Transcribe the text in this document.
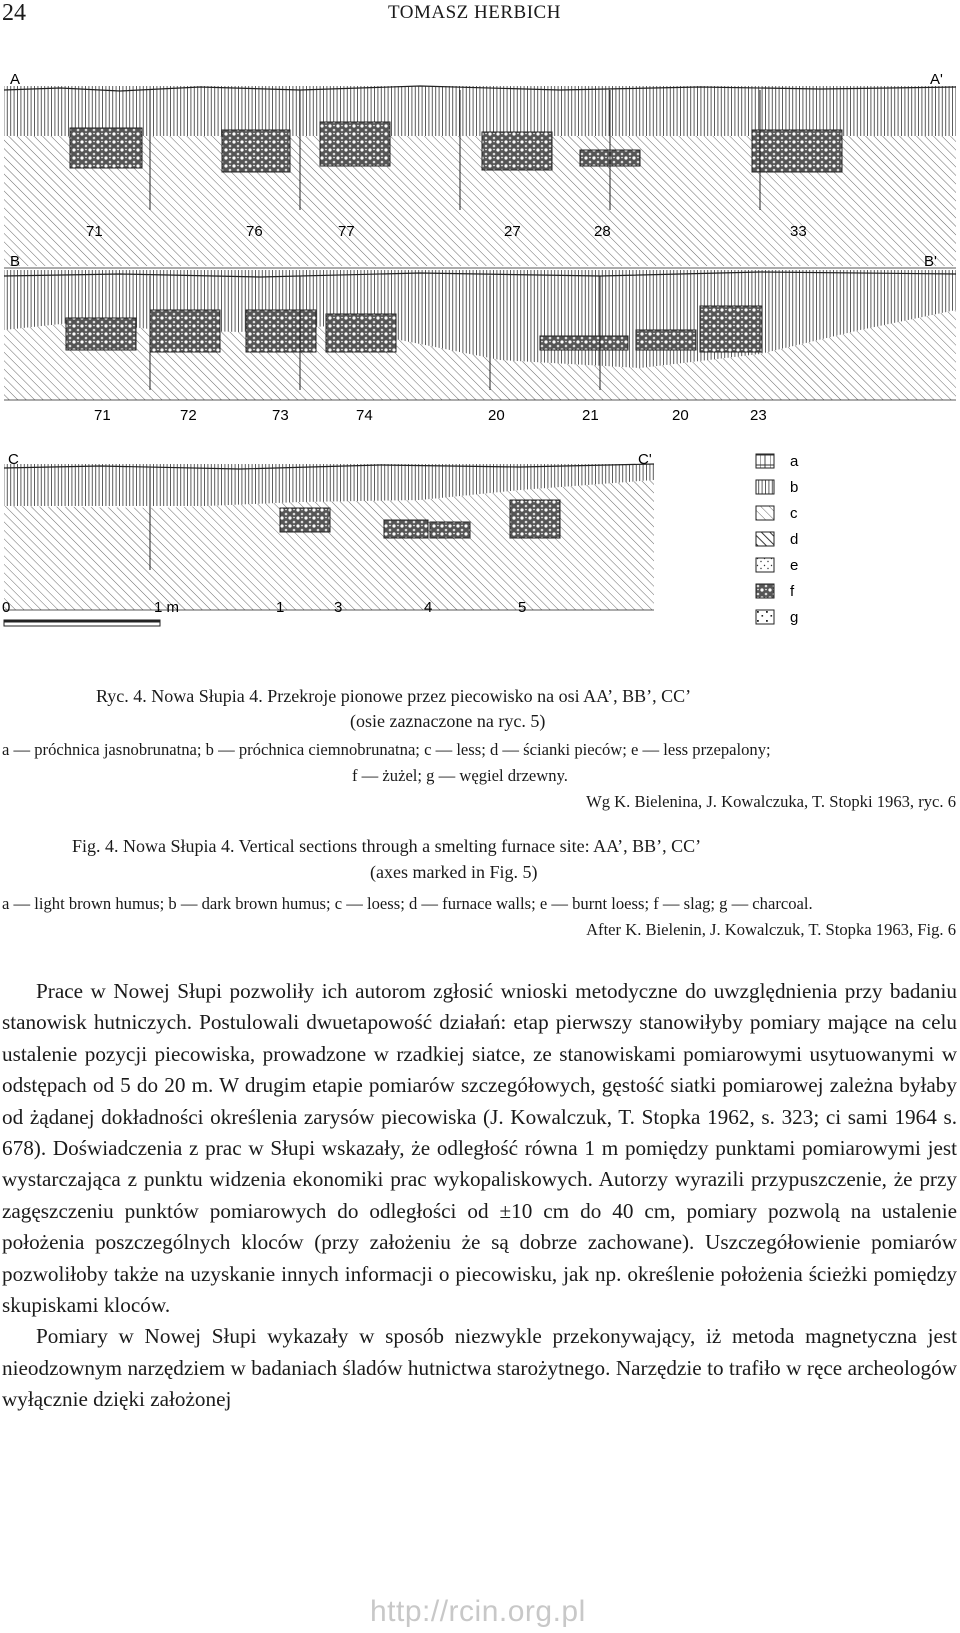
24	TOMASZ HERBICH
A	A'
71	76	77	27	28	33
B	B'
71	72	73	74	20	21	20	23
C	C'
1	3	4	5
0	1 m
a
b
c
d
e
f
g
Ryc. 4. Nowa Słupia 4. Przekroje pionowe przez piecowisko na osi AA’, BB’, CC’
(osie zaznaczone na ryc. 5)
a — próchnica jasnobrunatna; b — próchnica ciemnobrunatna; c — less; d — ścianki pieców; e — less przepalony;
f — żużel; g — węgiel drzewny.
Wg K. Bielenina, J. Kowalczuka, T. Stopki 1963, ryc. 6
Fig. 4. Nowa Słupia 4. Vertical sections through a smelting furnace site: AA’, BB’, CC’
(axes marked in Fig. 5)
a — light brown humus; b — dark brown humus; c — loess; d — furnace walls; e — burnt loess; f — slag; g — charcoal.
After K. Bielenin, J. Kowalczuk, T. Stopka 1963, Fig. 6

Prace w Nowej Słupi pozwoliły ich autorom zgłosić wnioski metodyczne do uwzględnienia przy badaniu stanowisk hutniczych. Postulowali dwuetapowość działań: etap pierwszy stanowiłyby pomiary mające na celu ustalenie pozycji piecowiska, prowadzone w rzadkiej siatce, ze stanowiskami pomiarowymi usytuowanymi w odstępach od 5 do 20 m. W drugim etapie pomiarów szczegółowych, gęstość siatki pomiarowej zależna byłaby od żądanej dokładności określenia zarysów piecowiska (J. Kowalczuk, T. Stopka 1962, s. 323; ci sami 1964 s. 678). Doświadczenia z prac w Słupi wskazały, że odległość równa 1 m pomiędzy punktami pomiarowymi jest wystarczająca z punktu widzenia ekonomiki prac wykopaliskowych. Autorzy wyrazili przypuszczenie, że przy zagęszczeniu punktów pomiarowych do odległości od ±10 cm do 40 cm, pomiary pozwolą na ustalenie położenia poszczególnych kloców (przy założeniu że są dobrze zachowane). Uszczegółowienie pomiarów pozwoliłoby także na uzyskanie innych informacji o piecowisku, jak np. określenie położenia ścieżki pomiędzy skupiskami kloców.

Pomiary w Nowej Słupi wykazały w sposób niezwykle przekonywający, iż metoda magnetyczna jest nieodzownym narzędziem w badaniach śladów hutnictwa starożytnego. Narzędzie to trafiło w ręce archeologów wyłącznie dzięki założonej

http://rcin.org.pl
